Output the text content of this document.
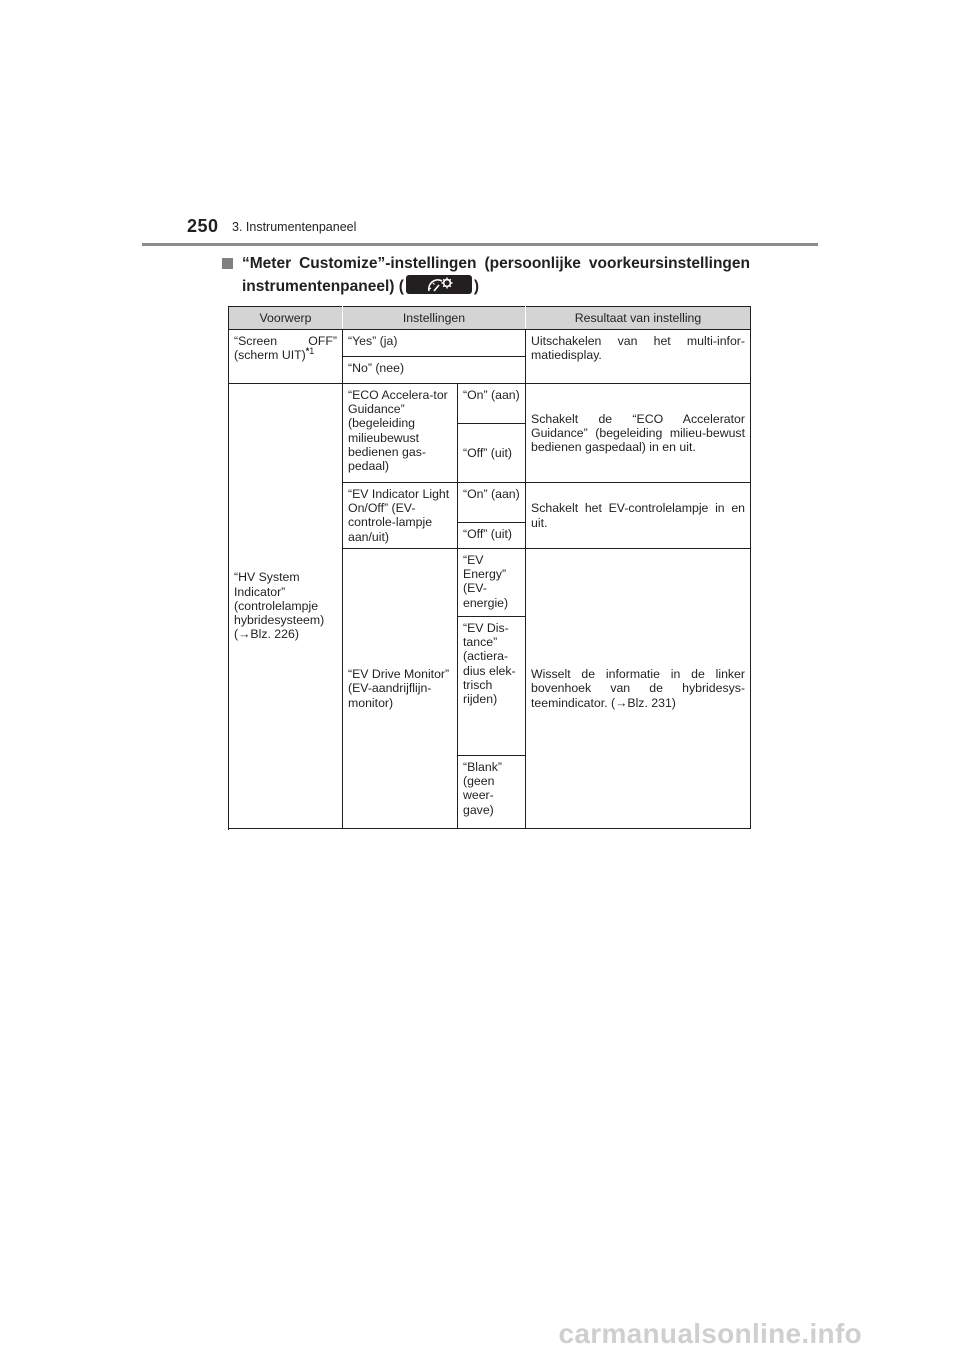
250 3. Instrumentenpaneel
“Meter Customize”-instellingen (persoonlijke voorkeursinstellingen
instrumentenpaneel) (	)
Voorwerp	Instellingen		Resultaat van instelling
“Screen OFF” (scherm UIT)$^{*1}$	“Yes” (ja)		Uitschakelen van het multi-infor-matiedisplay.
	“No” (nee)		
“HV System Indicator” (controlelampje hybridesysteem) (→Blz. 226)	“ECO Accelera-tor Guidance” (begeleiding milieubewust bedienen gas-pedaal)	“On” (aan)	Schakelt de “ECO Accelerator Guidance” (begeleiding milieu-bewust bedienen gaspedaal) in en uit.
		“Off” (uit)	
	“EV Indicator Light On/Off” (EV-controle-lampje aan/uit)	“On” (aan)	Schakelt het EV-controlelampje in en uit.
		“Off” (uit)	
	“EV Drive Monitor” (EV-aandrijflijn-monitor)	“EV Energy” (EV-energie)	Wisselt de informatie in de linker bovenhoek van de hybridesys-teemindicator. (→Blz. 231)
		“EV Dis-tance” (actiera-dius elek-trisch rijden)	
		“Blank” (geen weer-gave)	

carmanualsonline.info
